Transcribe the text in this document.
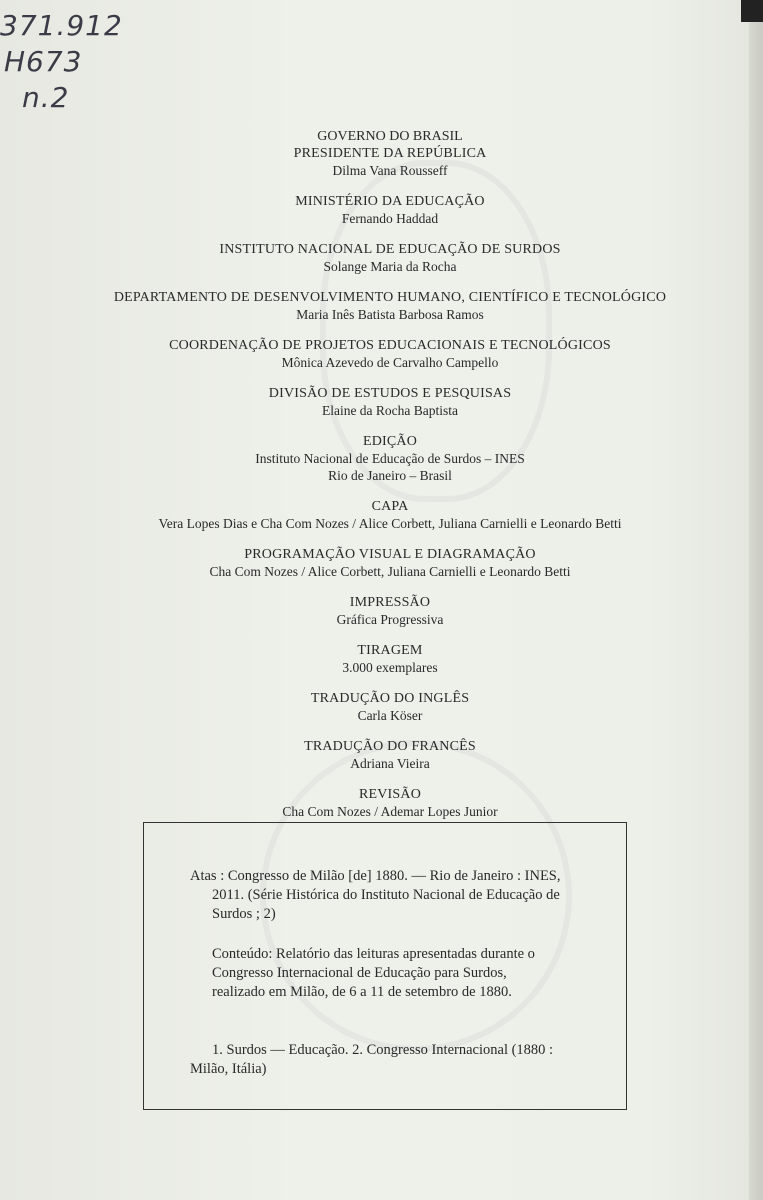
371.912
H673
n.2
GOVERNO DO BRASIL
PRESIDENTE DA REPÚBLICA
Dilma Vana Rousseff
MINISTÉRIO DA EDUCAÇÃO
Fernando Haddad
INSTITUTO NACIONAL DE EDUCAÇÃO DE SURDOS
Solange Maria da Rocha
DEPARTAMENTO DE DESENVOLVIMENTO HUMANO, CIENTÍFICO E TECNOLÓGICO
Maria Inês Batista Barbosa Ramos
COORDENAÇÃO DE PROJETOS EDUCACIONAIS E TECNOLÓGICOS
Mônica Azevedo de Carvalho Campello
DIVISÃO DE ESTUDOS E PESQUISAS
Elaine da Rocha Baptista
EDIÇÃO
Instituto Nacional de Educação de Surdos – INES
Rio de Janeiro – Brasil
CAPA
Vera Lopes Dias e Cha Com Nozes / Alice Corbett, Juliana Carnielli e Leonardo Betti
PROGRAMAÇÃO VISUAL E DIAGRAMAÇÃO
Cha Com Nozes / Alice Corbett, Juliana Carnielli e Leonardo Betti
IMPRESSÃO
Gráfica Progressiva
TIRAGEM
3.000 exemplares
TRADUÇÃO DO INGLÊS
Carla Köser
TRADUÇÃO DO FRANCÊS
Adriana Vieira
REVISÃO
Cha Com Nozes / Ademar Lopes Junior
Atas : Congresso de Milão [de] 1880. — Rio de Janeiro : INES,
2011. (Série Histórica do Instituto Nacional de Educação de
Surdos ; 2)
Conteúdo: Relatório das leituras apresentadas durante o
Congresso Internacional de Educação para Surdos,
realizado em Milão, de 6 a 11 de setembro de 1880.
1. Surdos — Educação. 2. Congresso Internacional (1880 :
Milão, Itália)
